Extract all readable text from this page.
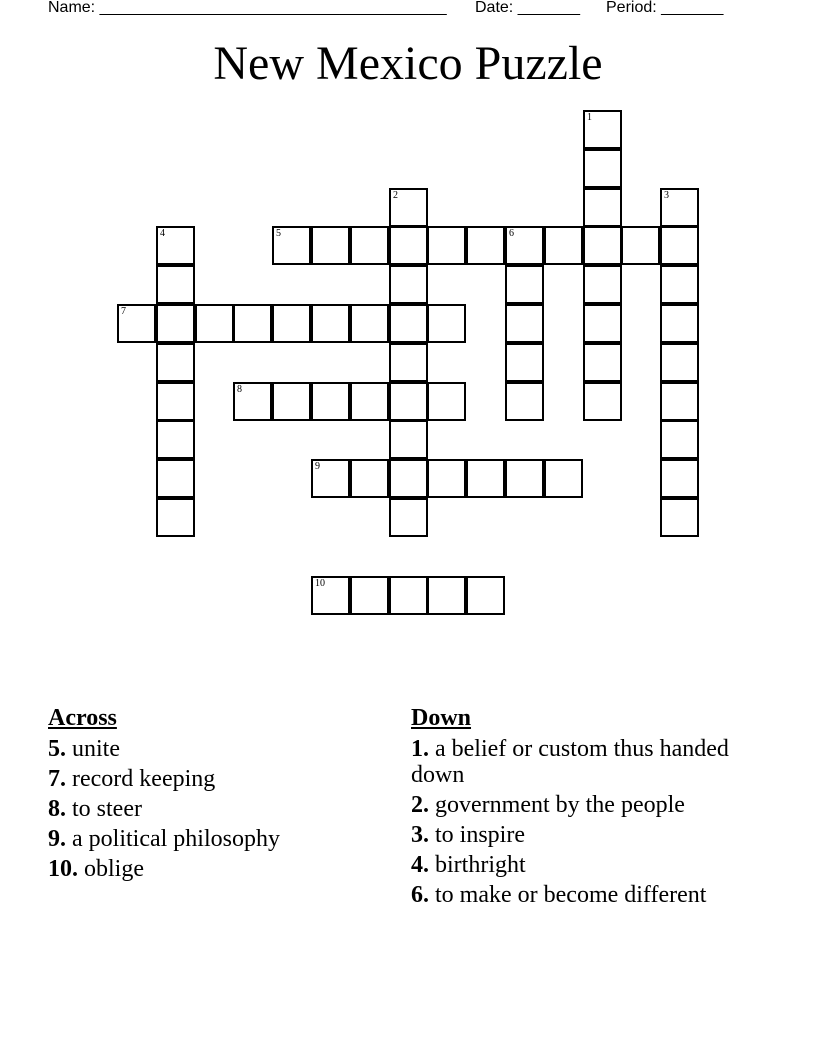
Name: _______________________________________ Date: _______ Period: _______
New Mexico Puzzle
1
2	3
4	6
5
7
8
9
10
Across
5. unite
7. record keeping
8. to steer
9. a political philosophy
10. oblige
Down
1. a belief or custom thus handed down
2. government by the people
3. to inspire
4. birthright
6. to make or become different
